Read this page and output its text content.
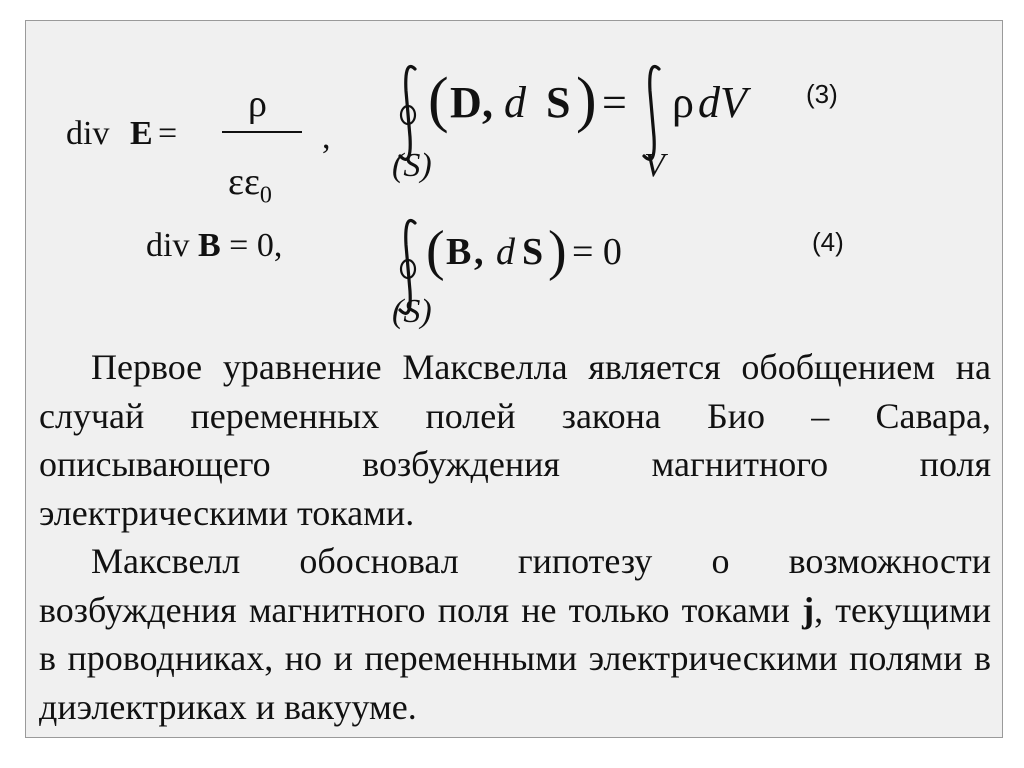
div E =
ρ
$\varepsilon\varepsilon_0$
,
(S)
( D , d S ) =
V
ρ dV (3)
div B = 0,
(S)
( B , d S ) = 0	(4)

Первое уравнение Максвелла является обобщением на случай переменных полей закона Био – Савара, описывающего возбуждения магнитного поля электрическими токами.

Максвелл обосновал гипотезу о возможности возбуждения магнитного поля не только токами j, текущими в проводниках, но и переменными электрическими полями в диэлектриках и вакууме.
